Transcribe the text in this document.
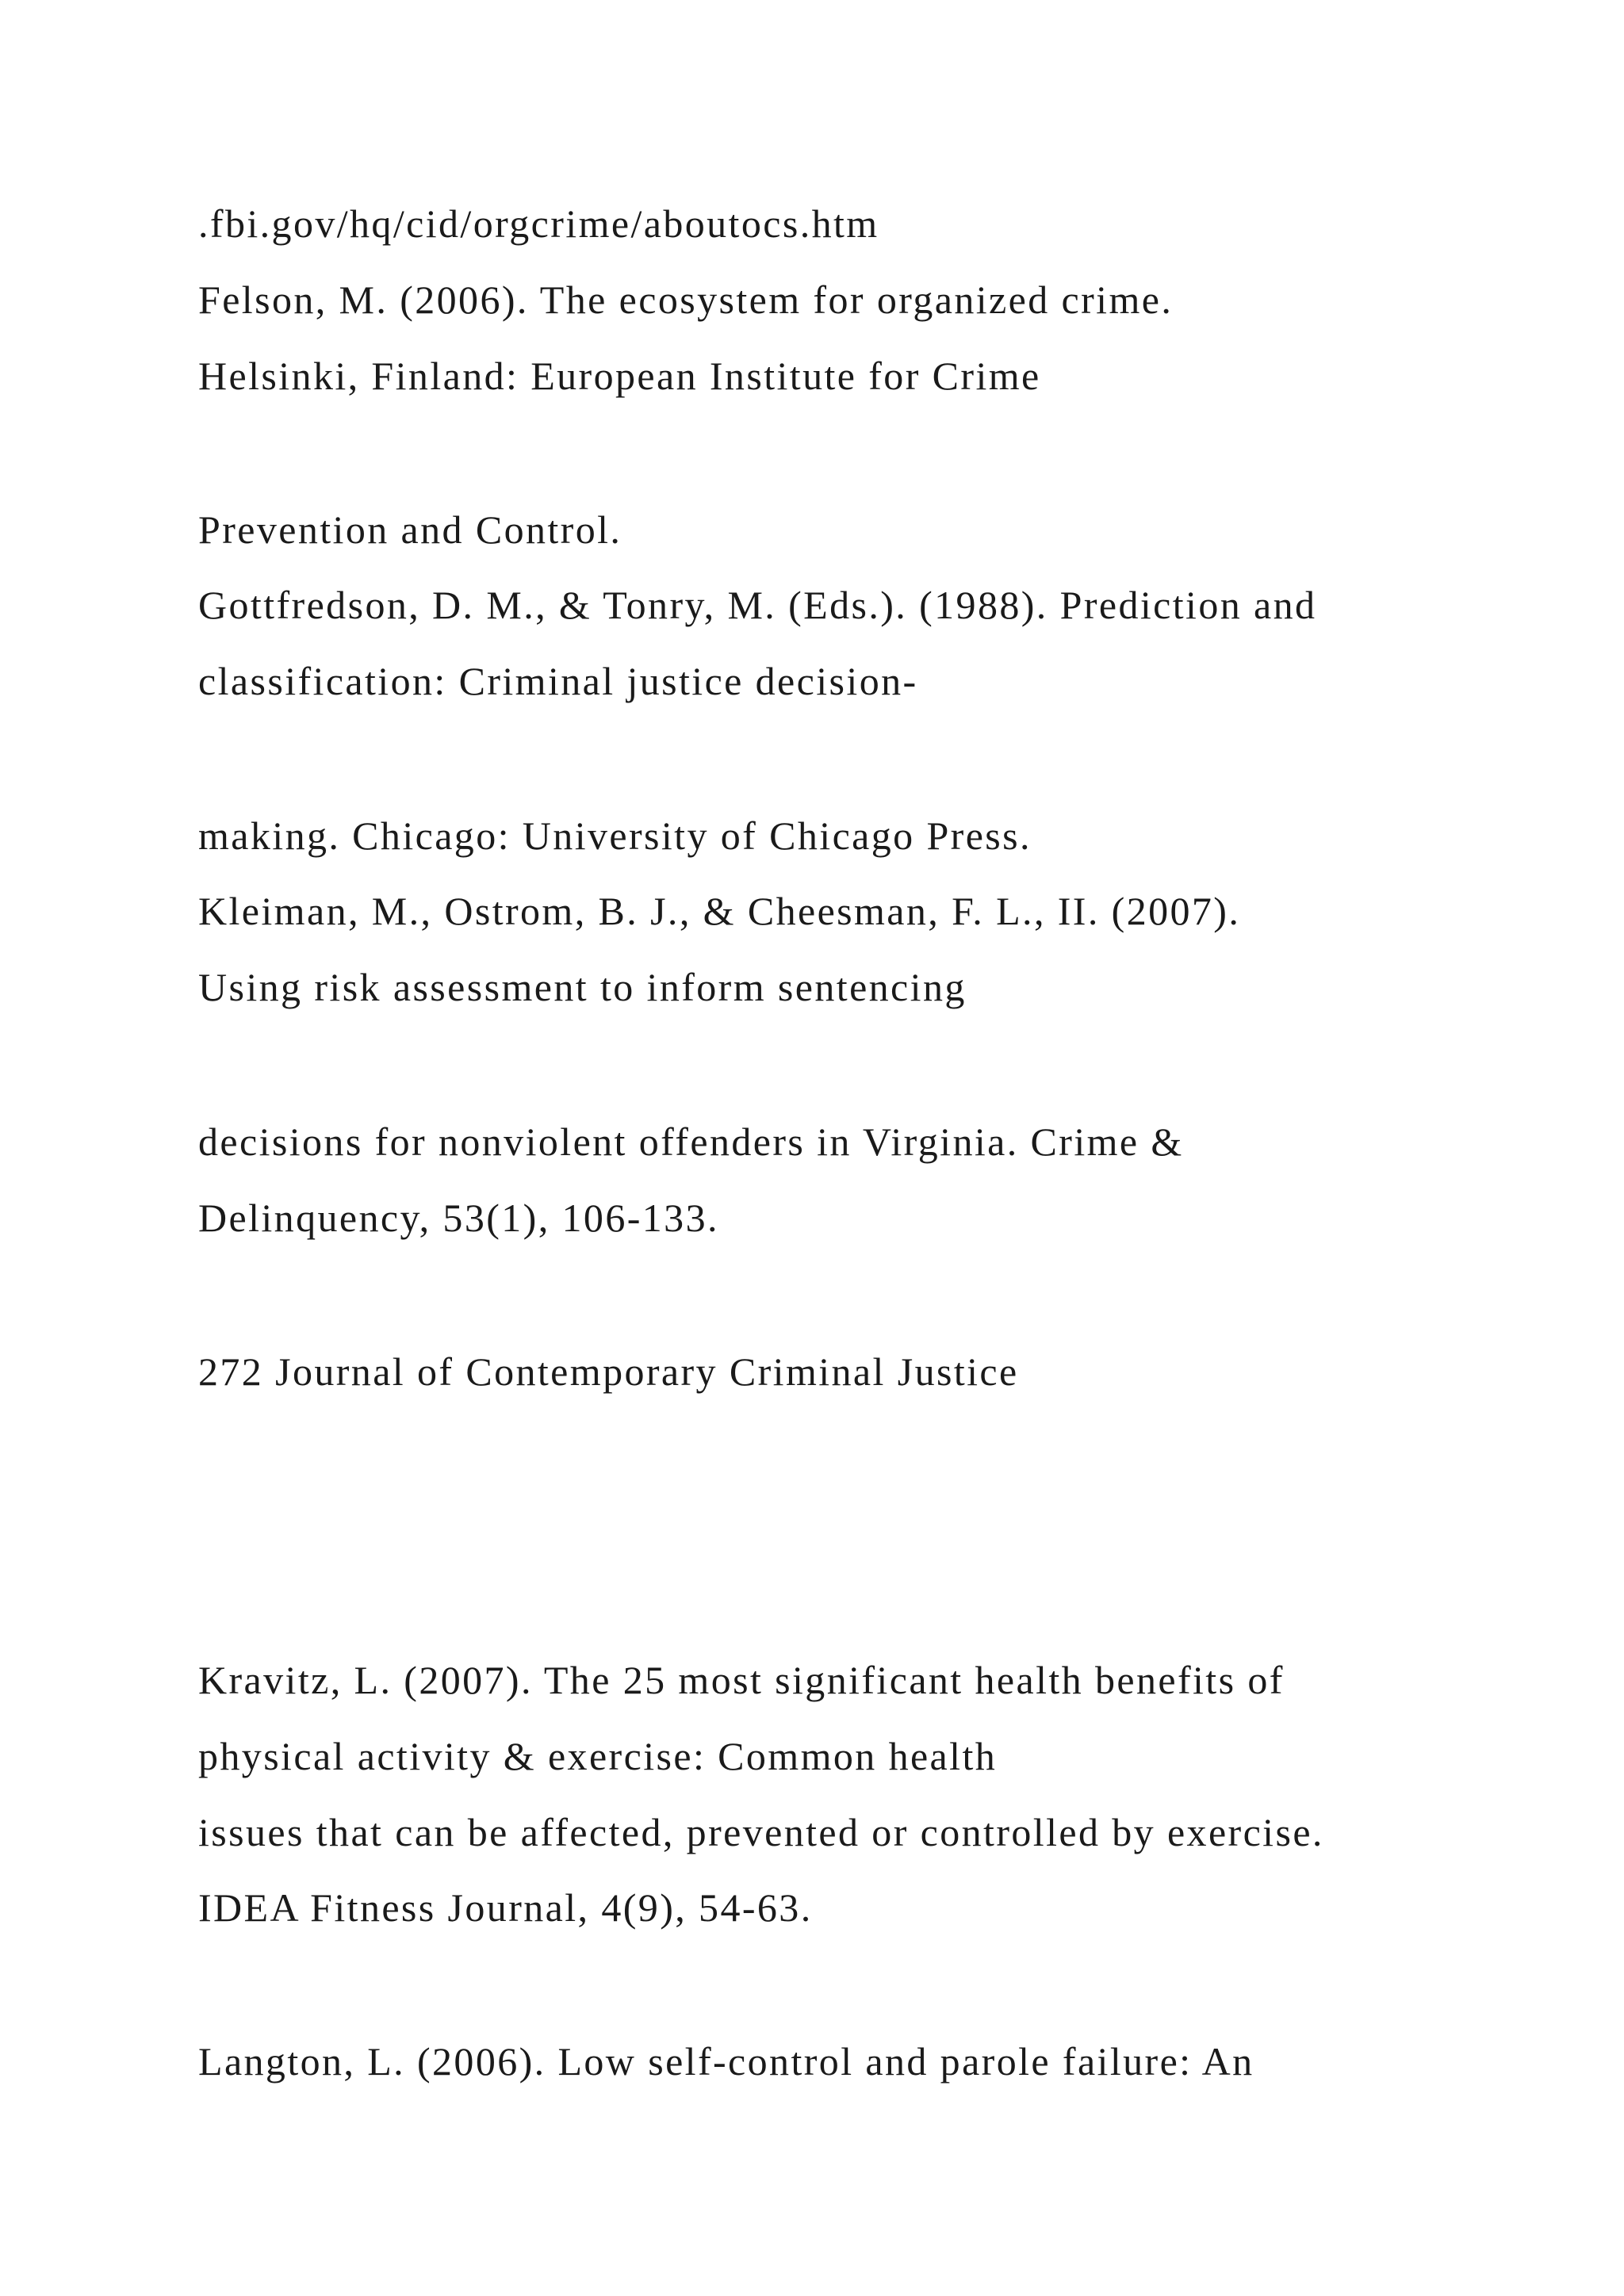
.fbi.gov/hq/cid/orgcrime/aboutocs.htm
Felson, M. (2006). The ecosystem for organized crime.
Helsinki, Finland: European Institute for Crime
Prevention and Control.
Gottfredson, D. M., & Tonry, M. (Eds.). (1988). Prediction and
classification: Criminal justice decision-
making. Chicago: University of Chicago Press.
Kleiman, M., Ostrom, B. J., & Cheesman, F. L., II. (2007).
Using risk assessment to inform sentencing
decisions for nonviolent offenders in Virginia. Crime &
Delinquency, 53(1), 106-133.
272 Journal of Contemporary Criminal Justice
Kravitz, L. (2007). The 25 most significant health benefits of
physical activity & exercise: Common health
issues that can be affected, prevented or controlled by exercise.
IDEA Fitness Journal, 4(9), 54-63.
Langton, L. (2006). Low self-control and parole failure: An
